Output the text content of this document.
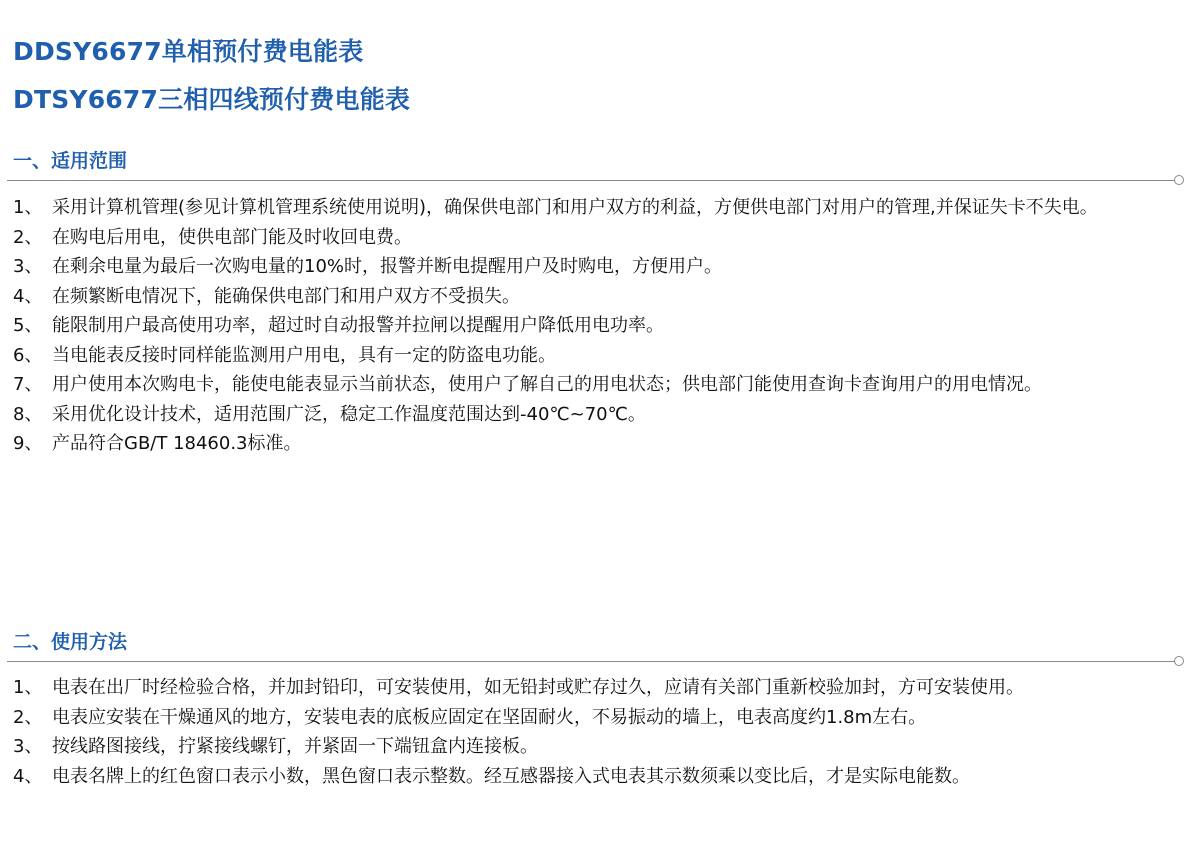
DDSY6677单相预付费电能表
DTSY6677三相四线预付费电能表
一、适用范围
1、 采用计算机管理(参见计算机管理系统使用说明)，确保供电部门和用户双方的利益，方便供电部门对用户的管理,并保证失卡不失电。
2、 在购电后用电，使供电部门能及时收回电费。
3、 在剩余电量为最后一次购电量的10%时，报警并断电提醒用户及时购电，方便用户。
4、 在频繁断电情况下，能确保供电部门和用户双方不受损失。
5、 能限制用户最高使用功率，超过时自动报警并拉闸以提醒用户降低用电功率。
6、 当电能表反接时同样能监测用户用电，具有一定的防盗电功能。
7、 用户使用本次购电卡，能使电能表显示当前状态，使用户了解自己的用电状态；供电部门能使用查询卡查询用户的用电情况。
8、 采用优化设计技术，适用范围广泛，稳定工作温度范围达到-40℃~70℃。
9、 产品符合GB/T 18460.3标准。
二、使用方法
1、 电表在出厂时经检验合格，并加封铅印，可安装使用，如无铅封或贮存过久，应请有关部门重新校验加封，方可安装使用。
2、 电表应安装在干燥通风的地方，安装电表的底板应固定在坚固耐火，不易振动的墙上，电表高度约1.8m左右。
3、 按线路图接线，拧紧接线螺钉，并紧固一下端钮盒内连接板。
4、 电表名牌上的红色窗口表示小数，黑色窗口表示整数。经互感器接入式电表其示数须乘以变比后，才是实际电能数。
